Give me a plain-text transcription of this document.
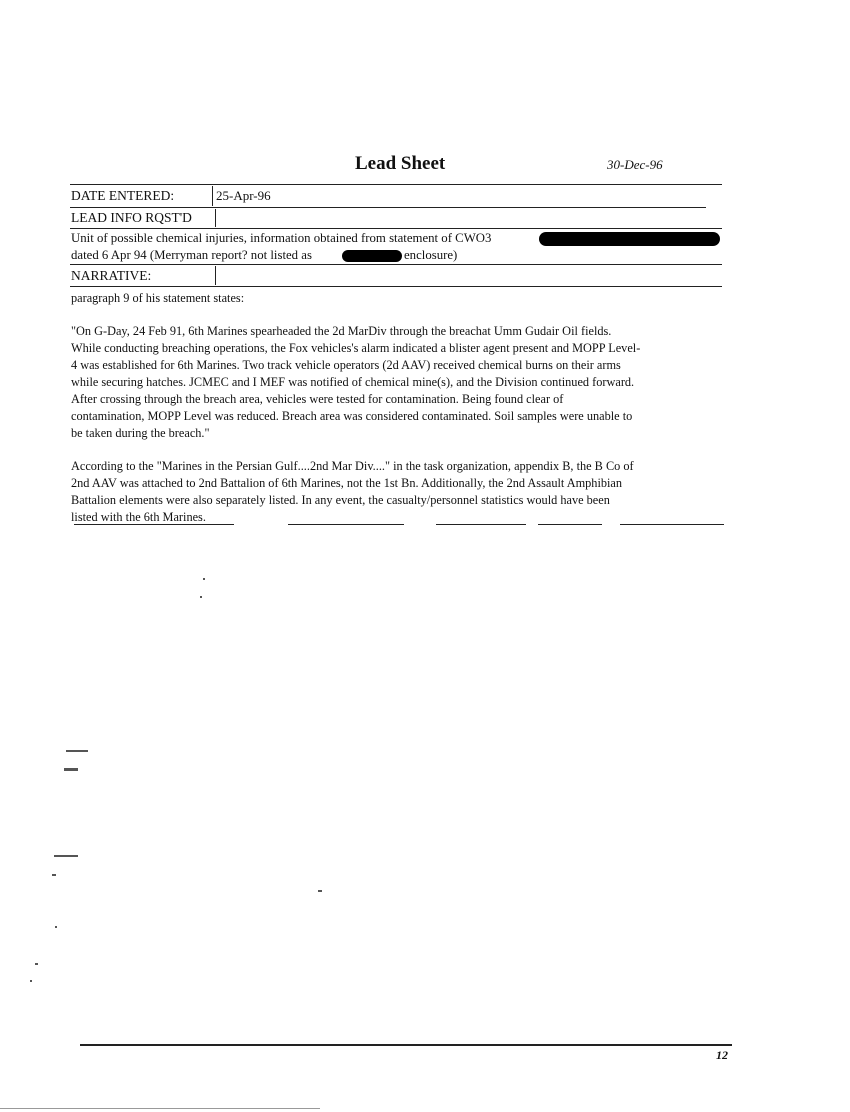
Lead Sheet	30-Dec-96
DATE ENTERED:	25-Apr-96
LEAD INFO RQST'D
Unit of possible chemical injuries, information obtained from statement of CWO3
dated 6 Apr 94 (Merryman report? not listed as	enclosure)
NARRATIVE:
paragraph 9 of his statement states:
"On G-Day, 24 Feb 91, 6th Marines spearheaded the 2d MarDiv through the breachat Umm Gudair Oil fields.
While conducting breaching operations, the Fox vehicles's alarm indicated a blister agent present and MOPP Level-
4 was established for 6th Marines. Two track vehicle operators (2d AAV) received chemical burns on their arms
while securing hatches. JCMEC and I MEF was notified of chemical mine(s), and the Division continued forward.
After crossing through the breach area, vehicles were tested for contamination. Being found clear of
contamination, MOPP Level was reduced. Breach area was considered contaminated. Soil samples were unable to
be taken during the breach."
According to the "Marines in the Persian Gulf....2nd Mar Div...." in the task organization, appendix B, the B Co of
2nd AAV was attached to 2nd Battalion of 6th Marines, not the 1st Bn. Additionally, the 2nd Assault Amphibian
Battalion elements were also separately listed. In any event, the casualty/personnel statistics would have been
listed with the 6th Marines.
12
